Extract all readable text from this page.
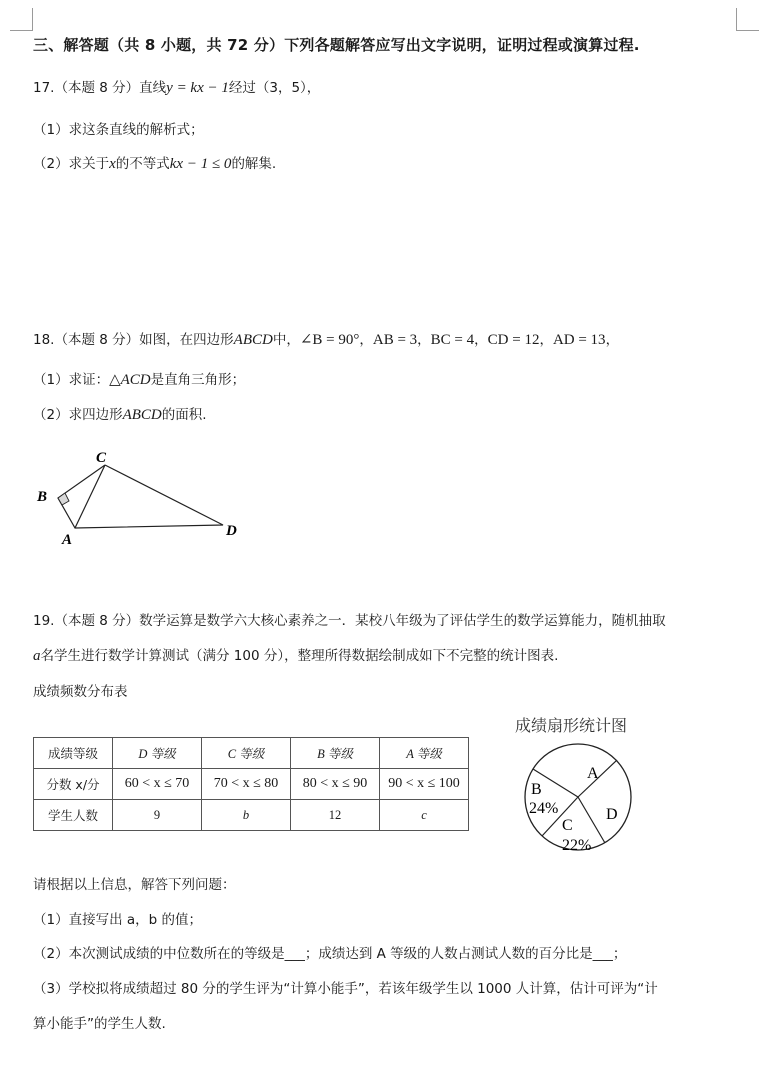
三、解答题（共 8 小题，共 72 分）下列各题解答应写出文字说明，证明过程或演算过程.
17.（本题 8 分）直线y = kx − 1经过（3，5），
（1）求这条直线的解析式；
（2）求关于x的不等式kx − 1 ≤ 0的解集.
18.（本题 8 分）如图，在四边形ABCD中，∠B = 90°，AB = 3，BC = 4，CD = 12，AD = 13，
（1）求证：△ACD是直角三角形；
（2）求四边形ABCD的面积.
C
B
A
D
19.（本题 8 分）数学运算是数学六大核心素养之一．某校八年级为了评估学生的数学运算能力，随机抽取
a名学生进行数学计算测试（满分 100 分），整理所得数据绘制成如下不完整的统计图表.
成绩频数分布表
成绩等级	D 等级	C 等级	B 等级	A 等级
分数 x/分	60 < x ≤ 70	70 < x ≤ 80	80 < x ≤ 90	90 < x ≤ 100
学生人数	9	b	12	c
成绩扇形统计图
A
B
24%
C
22%
D
请根据以上信息，解答下列问题：
（1）直接写出 a，b 的值；
（2）本次测试成绩的中位数所在的等级是___；成绩达到 A 等级的人数占测试人数的百分比是___；
（3）学校拟将成绩超过 80 分的学生评为“计算小能手”，若该年级学生以 1000 人计算，估计可评为“计
算小能手”的学生人数.
